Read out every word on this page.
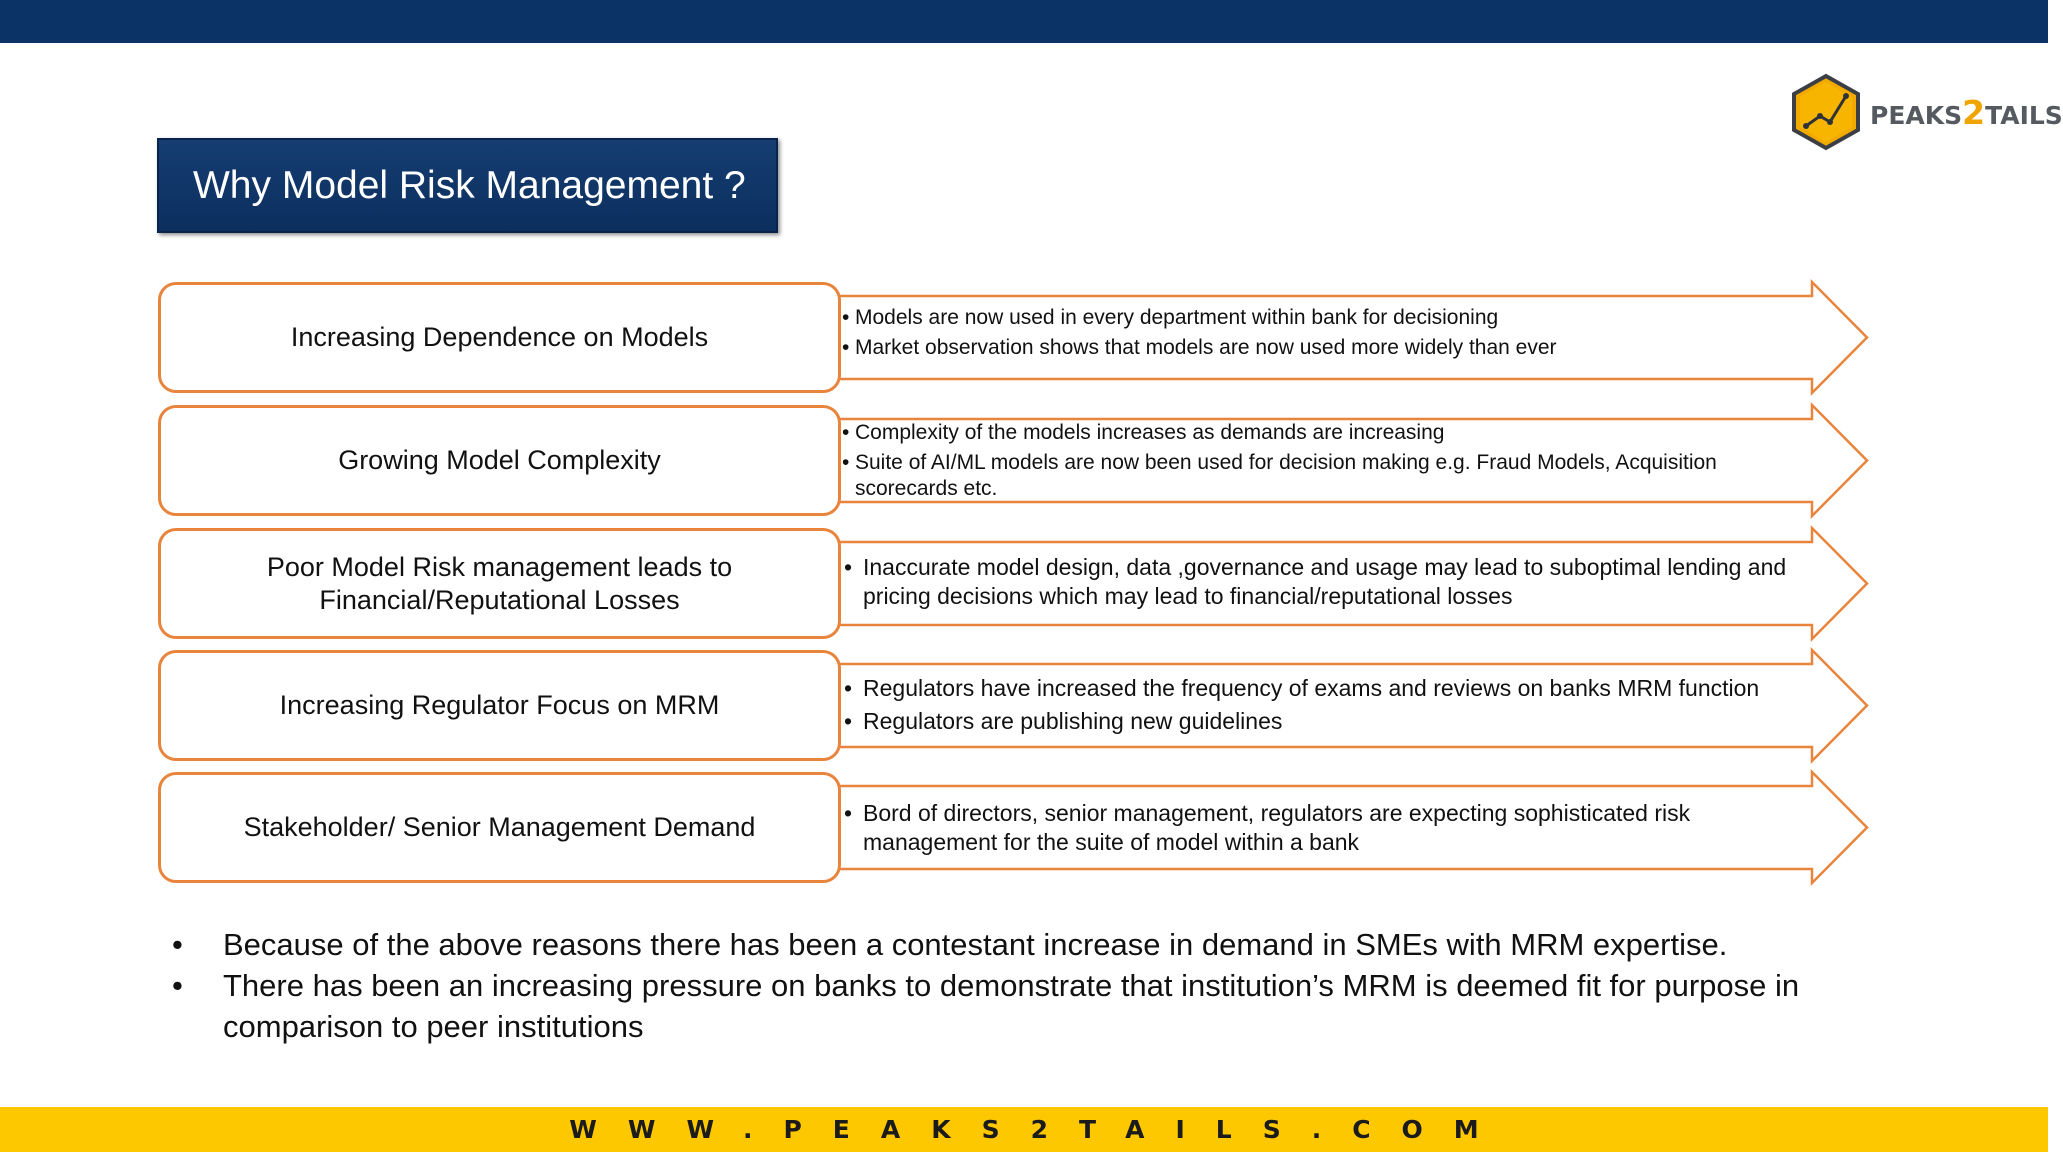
PEAKS2TAILS
Why Model Risk Management ?
Increasing Dependence on Models
• Models are now used in every department within bank for decisioning
• Market observation shows that models are now used more widely than ever
Growing Model Complexity
• Complexity of the models increases as demands are increasing
• Suite of AI/ML models are now been used for decision making e.g. Fraud Models, Acquisition scorecards etc.
Poor Model Risk management leads to Financial/Reputational Losses
• Inaccurate model design, data ,governance and usage may lead to suboptimal lending and pricing decisions which may lead to financial/reputational losses
Increasing Regulator Focus on MRM
• Regulators have increased the frequency of exams and reviews on banks MRM function
• Regulators are publishing new guidelines
Stakeholder/ Senior Management Demand
•	Bord of directors, senior management, regulators are expecting sophisticated risk management for the suite of model within a bank
• Because of the above reasons there has been a contestant increase in demand in SMEs with MRM expertise.
• There has been an increasing pressure on banks to demonstrate that institution’s MRM is deemed fit for purpose in comparison to peer institutions
WWW.PEAKS2TAILS.COM
